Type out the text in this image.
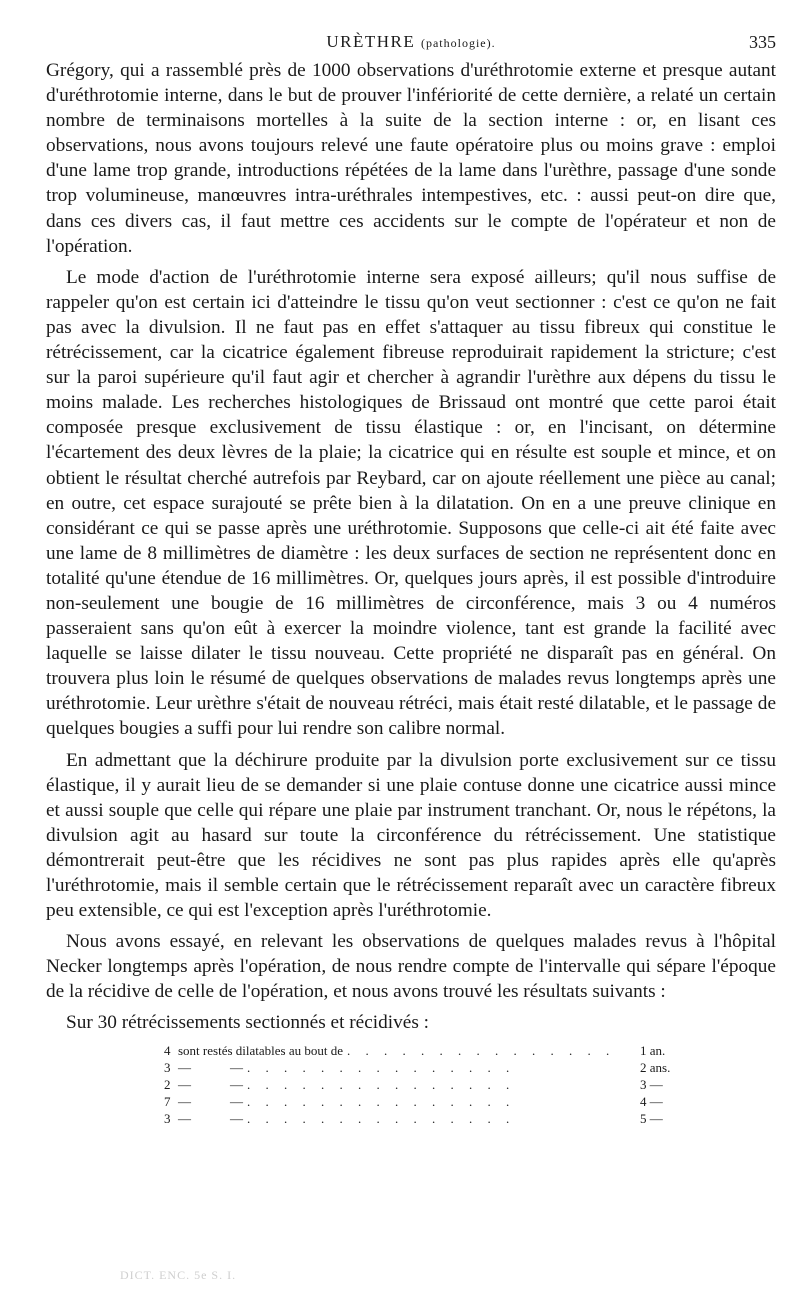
URÈTHRE (pathologie).	335

Grégory, qui a rassemblé près de 1000 observations d'uréthrotomie externe et presque autant d'uréthrotomie interne, dans le but de prouver l'infériorité de cette dernière, a relaté un certain nombre de terminaisons mortelles à la suite de la section interne : or, en lisant ces observations, nous avons toujours relevé une faute opératoire plus ou moins grave : emploi d'une lame trop grande, introductions répétées de la lame dans l'urèthre, passage d'une sonde trop volumineuse, manœuvres intra-uréthrales intempestives, etc. : aussi peut-on dire que, dans ces divers cas, il faut mettre ces accidents sur le compte de l'opérateur et non de l'opération.

Le mode d'action de l'uréthrotomie interne sera exposé ailleurs; qu'il nous suffise de rappeler qu'on est certain ici d'atteindre le tissu qu'on veut sectionner : c'est ce qu'on ne fait pas avec la divulsion. Il ne faut pas en effet s'attaquer au tissu fibreux qui constitue le rétrécissement, car la cicatrice également fibreuse reproduirait rapidement la stricture; c'est sur la paroi supérieure qu'il faut agir et chercher à agrandir l'urèthre aux dépens du tissu le moins malade. Les recherches histologiques de Brissaud ont montré que cette paroi était composée presque exclusivement de tissu élastique : or, en l'incisant, on détermine l'écartement des deux lèvres de la plaie; la cicatrice qui en résulte est souple et mince, et on obtient le résultat cherché autrefois par Reybard, car on ajoute réellement une pièce au canal; en outre, cet espace surajouté se prête bien à la dilatation. On en a une preuve clinique en considérant ce qui se passe après une uréthrotomie. Supposons que celle-ci ait été faite avec une lame de 8 millimètres de diamètre : les deux surfaces de section ne représentent donc en totalité qu'une étendue de 16 millimètres. Or, quelques jours après, il est possible d'introduire non-seulement une bougie de 16 millimètres de circonférence, mais 3 ou 4 numéros passeraient sans qu'on eût à exercer la moindre violence, tant est grande la facilité avec laquelle se laisse dilater le tissu nouveau. Cette propriété ne disparaît pas en général. On trouvera plus loin le résumé de quelques observations de malades revus longtemps après une uréthrotomie. Leur urèthre s'était de nouveau rétréci, mais était resté dilatable, et le passage de quelques bougies a suffi pour lui rendre son calibre normal.

En admettant que la déchirure produite par la divulsion porte exclusivement sur ce tissu élastique, il y aurait lieu de se demander si une plaie contuse donne une cicatrice aussi mince et aussi souple que celle qui répare une plaie par instrument tranchant. Or, nous le répétons, la divulsion agit au hasard sur toute la circonférence du rétrécissement. Une statistique démontrerait peut-être que les récidives ne sont pas plus rapides après elle qu'après l'uréthrotomie, mais il semble certain que le rétrécissement reparaît avec un caractère fibreux peu extensible, ce qui est l'exception après l'uréthrotomie.

Nous avons essayé, en relevant les observations de quelques malades revus à l'hôpital Necker longtemps après l'opération, de nous rendre compte de l'intervalle qui sépare l'époque de la récidive de celle de l'opération, et nous avons trouvé les résultats suivants :

Sur 30 rétrécissements sectionnés et récidivés :
4 sont restés dilatables au bout de . . . . . . . . . . . . . . .	1 an.
3 —            — . . . . . . . . . . . . . . .	2 ans.
2 —            — . . . . . . . . . . . . . . .	3 —
7 —            — . . . . . . . . . . . . . . .	4 —
3 —            — . . . . . . . . . . . . . . .	5 —
DICT. ENC. 5e S. I.
